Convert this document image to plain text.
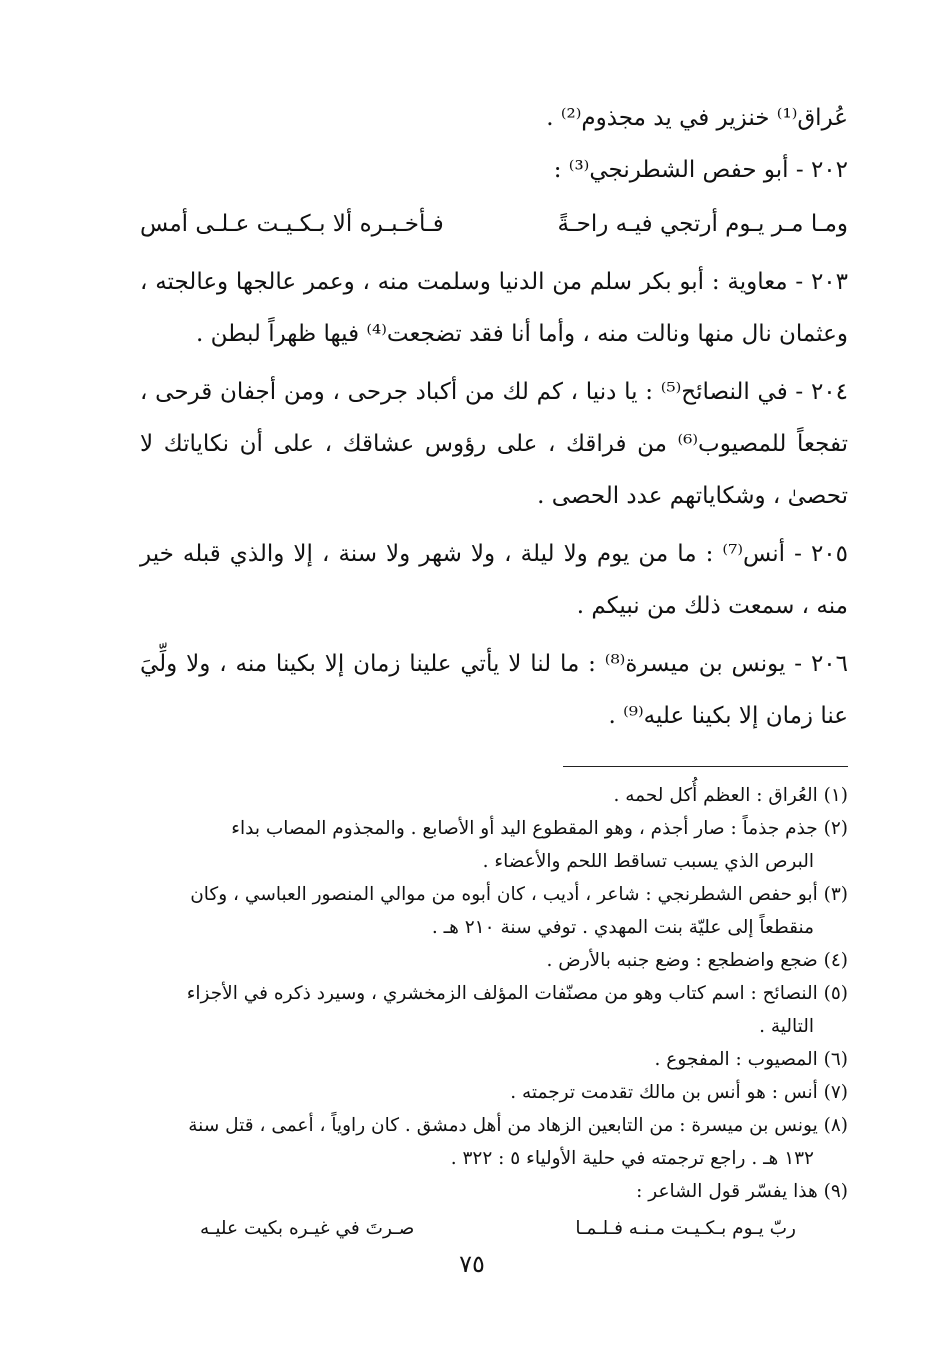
عُراق⁽¹⁾ خنزير في يد مجذوم⁽²⁾ .

٢٠٢ - أبو حفص الشطرنجي⁽³⁾ :

ومـا مـر يـوم أرتجي فيـه راحـةً
فـأخـبـره ألا بـكـيـت عـلـى أمس

٢٠٣ - معاوية : أبو بكر سلم من الدنيا وسلمت منه ، وعمر عالجها وعالجته ، وعثمان نال منها ونالت منه ، وأما أنا فقد تضجعت⁽⁴⁾ فيها ظهراً لبطن .

٢٠٤ - في النصائح⁽⁵⁾ : يا دنيا ، كم لك من أكباد جرحى ، ومن أجفان قرحى ، تفجعاً للمصيوب⁽⁶⁾ من فراقك ، على رؤوس عشاقك ، على أن نكاياتك لا تحصىٰ ، وشكاياتهم عدد الحصى .

٢٠٥ - أنس⁽⁷⁾ : ما من يوم ولا ليلة ، ولا شهر ولا سنة ، إلا والذي قبله خير منه ، سمعت ذلك من نبيكم .

٢٠٦ - يونس بن ميسرة⁽⁸⁾ : ما لنا لا يأتي علينا زمان إلا بكينا منه ، ولا ولِّيَ عنا زمان إلا بكينا عليه⁽⁹⁾ .

(١) العُراق : العظم أُكل لحمه .

(٢) جذم جذماً : صار أجذم ، وهو المقطوع اليد أو الأصابع . والمجذوم المصاب بداء

البرص الذي يسبب تساقط اللحم والأعضاء .

(٣) أبو حفص الشطرنجي : شاعر ، أديب ، كان أبوه من موالي المنصور العباسي ، وكان

منقطعاً إلى عليّة بنت المهدي . توفي سنة ٢١٠ هـ .

(٤) ضجع واضطجع : وضع جنبه بالأرض .

(٥) النصائح : اسم كتاب وهو من مصنّفات المؤلف الزمخشري ، وسيرد ذكره في الأجزاء

التالية .

(٦) المصيوب : المفجوع .

(٧) أنس : هو أنس بن مالك تقدمت ترجمته .

(٨) يونس بن ميسرة : من التابعين الزهاد من أهل دمشق . كان راوياً ، أعمى ، قتل سنة

١٣٢ هـ . راجع ترجمته في حلية الأولياء ٥ : ٣٢٢ .

(٩) هذا يفسّر قول الشاعر :

ربّ يـوم بـكـيـت مـنـه فـلـمـا
صـرتَ في غيـره بكيت عليـه
٧٥
